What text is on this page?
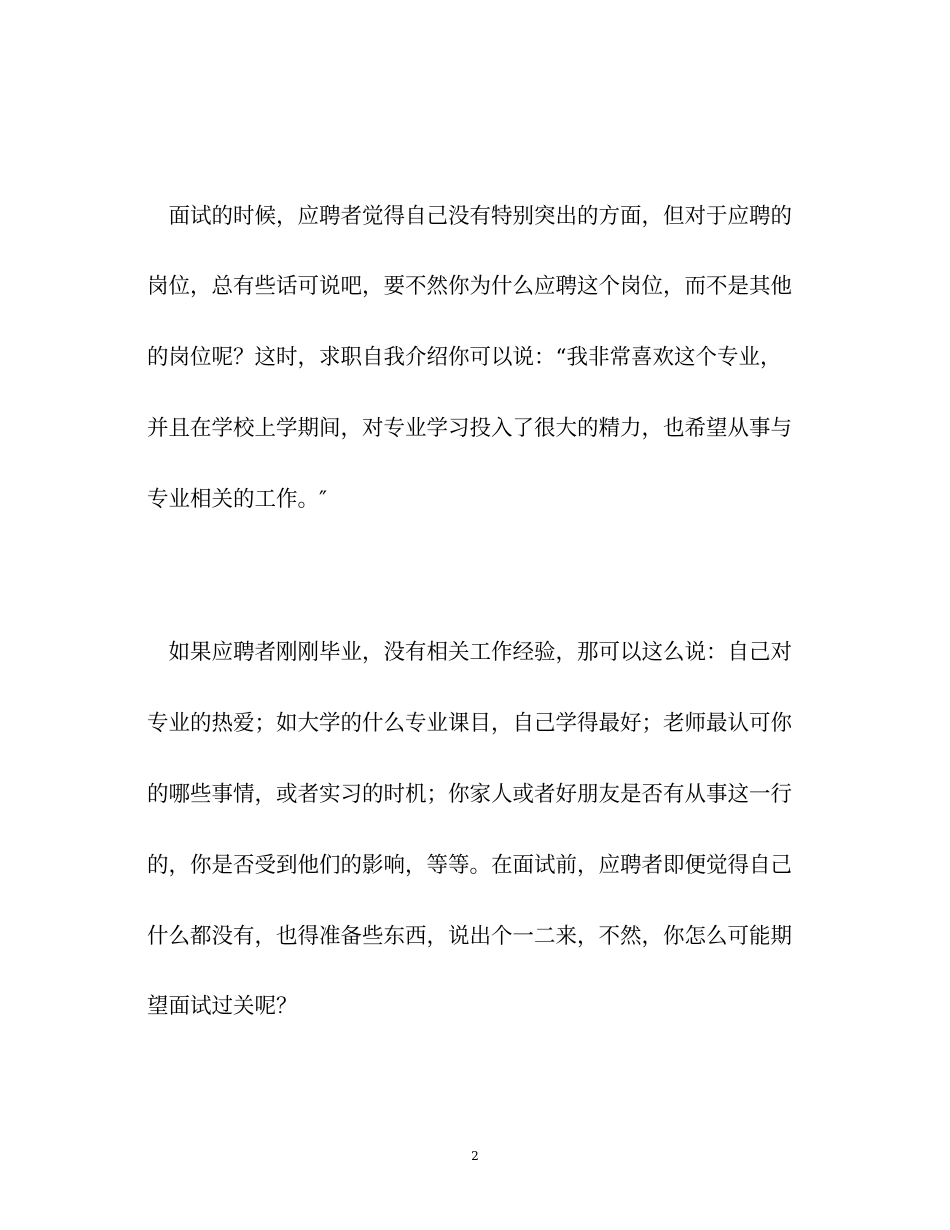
　面试的时候，应聘者觉得自己没有特别突出的方面，但对于应聘的
岗位，总有些话可说吧，要不然你为什么应聘这个岗位，而不是其他
的岗位呢？这时，求职自我介绍你可以说：“我非常喜欢这个专业，
并且在学校上学期间，对专业学习投入了很大的精力，也希望从事与
专业相关的工作。″
　如果应聘者刚刚毕业，没有相关工作经验，那可以这么说：自己对
专业的热爱；如大学的什么专业课目，自己学得最好；老师最认可你
的哪些事情，或者实习的时机；你家人或者好朋友是否有从事这一行
的，你是否受到他们的影响，等等。在面试前，应聘者即便觉得自己
什么都没有，也得准备些东西，说出个一二来，不然，你怎么可能期
望面试过关呢？
2
